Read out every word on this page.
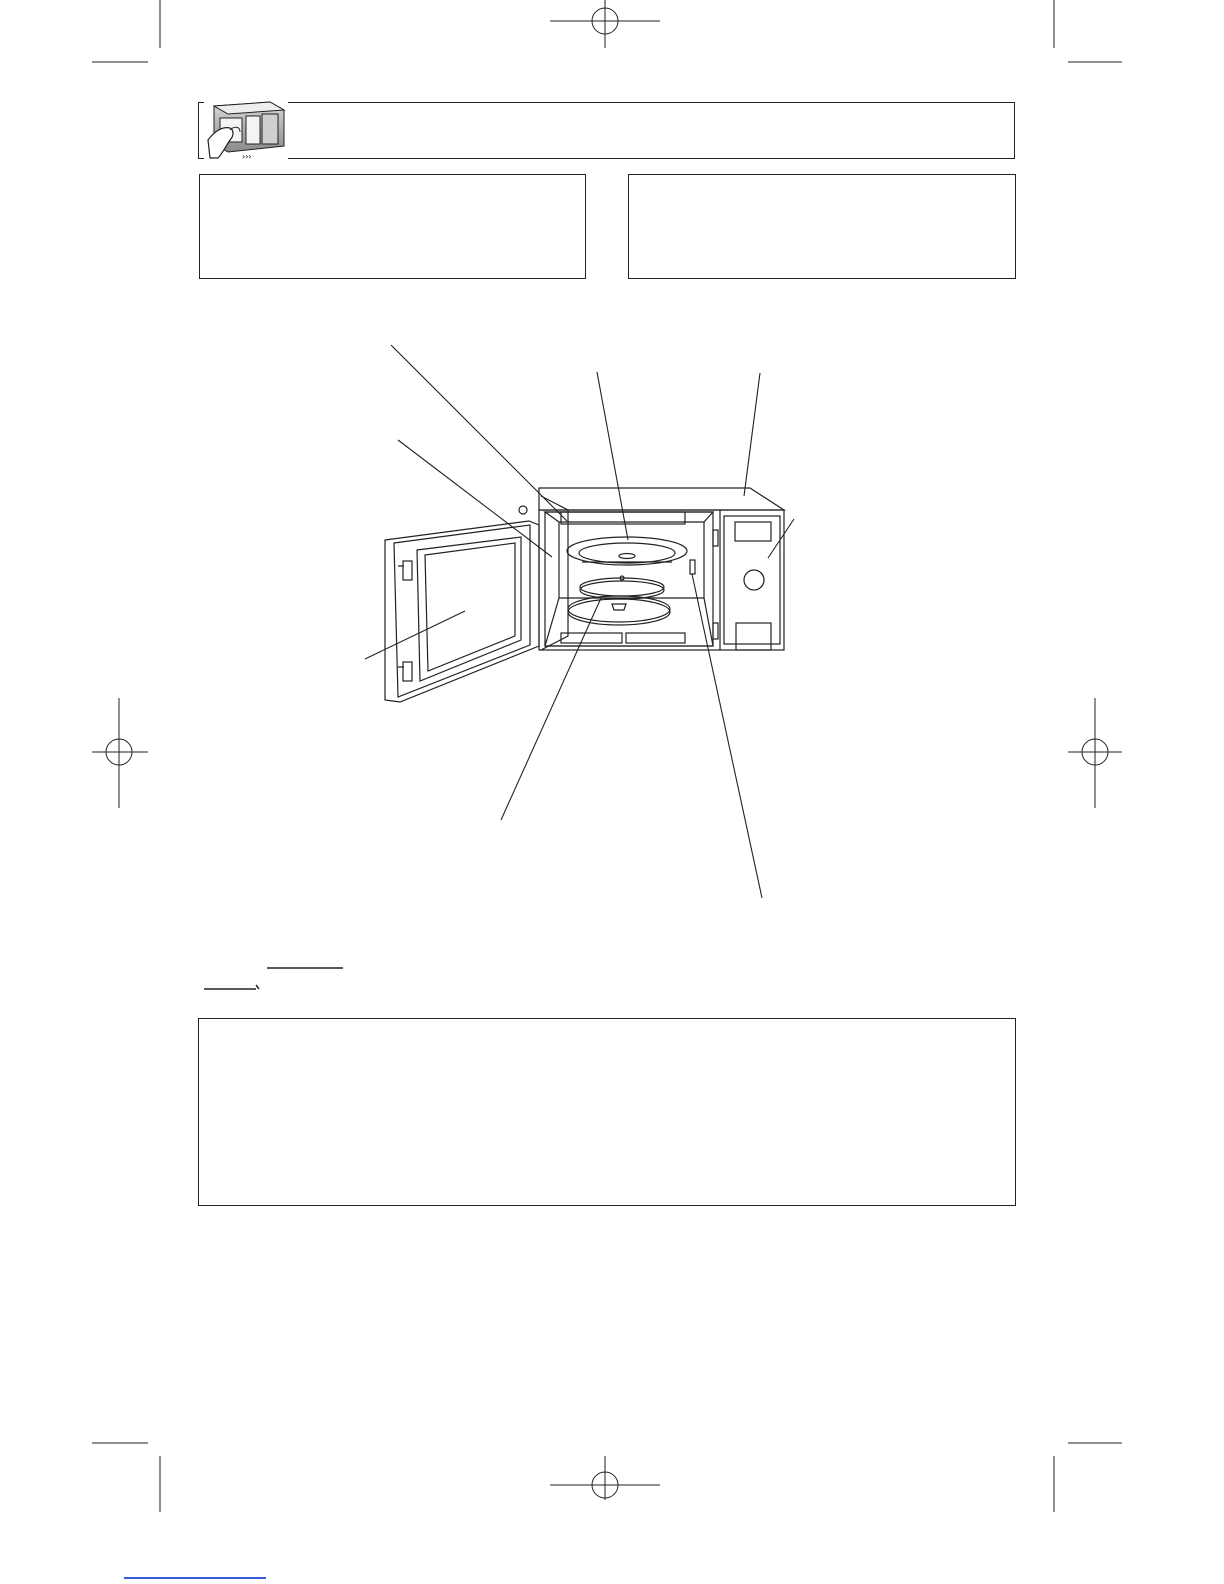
›››
